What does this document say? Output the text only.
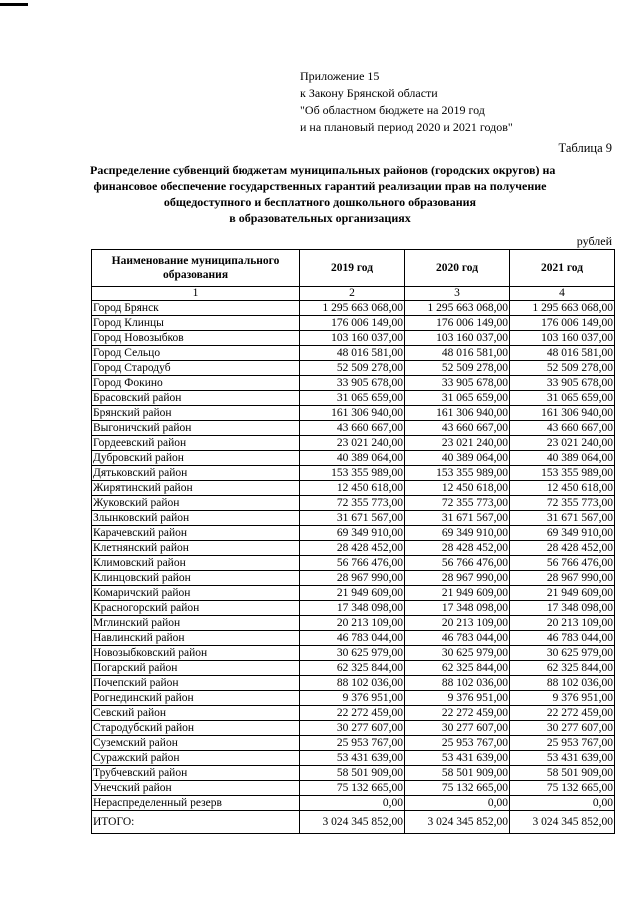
Приложение 15
к Закону Брянской области
"Об областном бюджете на 2019 год
и на плановый период 2020 и 2021 годов"
Таблица 9
Распределение субвенций бюджетам муниципальных районов (городских округов) на
финансовое обеспечение государственных гарантий реализации прав на получение
общедоступного и бесплатного дошкольного образования
в образовательных организациях
рублей
Наименование муниципального образования	2019 год	2020 год	2021 год
1	2	3	4
Город Брянск	1 295 663 068,00	1 295 663 068,00	1 295 663 068,00
Город Клинцы	176 006 149,00	176 006 149,00	176 006 149,00
Город Новозыбков	103 160 037,00	103 160 037,00	103 160 037,00
Город Сельцо	48 016 581,00	48 016 581,00	48 016 581,00
Город Стародуб	52 509 278,00	52 509 278,00	52 509 278,00
Город Фокино	33 905 678,00	33 905 678,00	33 905 678,00
Брасовский район	31 065 659,00	31 065 659,00	31 065 659,00
Брянский район	161 306 940,00	161 306 940,00	161 306 940,00
Выгоничский район	43 660 667,00	43 660 667,00	43 660 667,00
Гордеевский район	23 021 240,00	23 021 240,00	23 021 240,00
Дубровский район	40 389 064,00	40 389 064,00	40 389 064,00
Дятьковский район	153 355 989,00	153 355 989,00	153 355 989,00
Жирятинский район	12 450 618,00	12 450 618,00	12 450 618,00
Жуковский район	72 355 773,00	72 355 773,00	72 355 773,00
Злынковский район	31 671 567,00	31 671 567,00	31 671 567,00
Карачевский район	69 349 910,00	69 349 910,00	69 349 910,00
Клетнянский район	28 428 452,00	28 428 452,00	28 428 452,00
Климовский район	56 766 476,00	56 766 476,00	56 766 476,00
Клинцовский район	28 967 990,00	28 967 990,00	28 967 990,00
Комаричский район	21 949 609,00	21 949 609,00	21 949 609,00
Красногорский район	17 348 098,00	17 348 098,00	17 348 098,00
Мглинский район	20 213 109,00	20 213 109,00	20 213 109,00
Навлинский район	46 783 044,00	46 783 044,00	46 783 044,00
Новозыбковский район	30 625 979,00	30 625 979,00	30 625 979,00
Погарский район	62 325 844,00	62 325 844,00	62 325 844,00
Почепский район	88 102 036,00	88 102 036,00	88 102 036,00
Рогнединский район	9 376 951,00	9 376 951,00	9 376 951,00
Севский район	22 272 459,00	22 272 459,00	22 272 459,00
Стародубский район	30 277 607,00	30 277 607,00	30 277 607,00
Суземский район	25 953 767,00	25 953 767,00	25 953 767,00
Суражский район	53 431 639,00	53 431 639,00	53 431 639,00
Трубчевский район	58 501 909,00	58 501 909,00	58 501 909,00
Унечский район	75 132 665,00	75 132 665,00	75 132 665,00
Нераспределенный резерв	0,00	0,00	0,00
ИТОГО:	3 024 345 852,00	3 024 345 852,00	3 024 345 852,00
